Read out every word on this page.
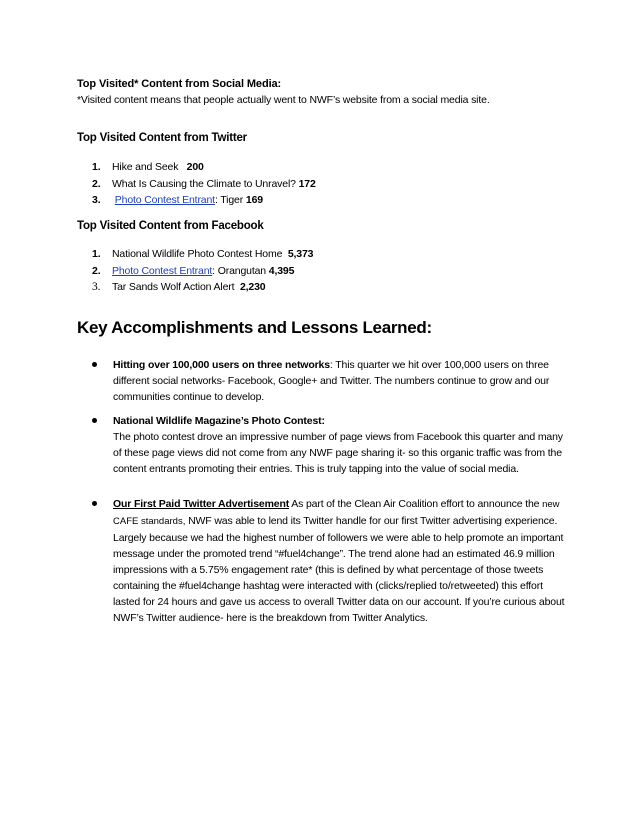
Top Visited* Content from Social Media:
*Visited content means that people actually went to NWF’s website from a social media site.
Top Visited Content from Twitter
1. Hike and Seek 200
2. What Is Causing the Climate to Unravel? 172
3. Photo Contest Entrant: Tiger 169
Top Visited Content from Facebook
1. National Wildlife Photo Contest Home 5,373
2. Photo Contest Entrant: Orangutan 4,395
3. Tar Sands Wolf Action Alert 2,230
Key Accomplishments and Lessons Learned:
Hitting over 100,000 users on three networks: This quarter we hit over 100,000 users on three different social networks- Facebook, Google+ and Twitter. The numbers continue to grow and our communities continue to develop.
National Wildlife Magazine’s Photo Contest:
The photo contest drove an impressive number of page views from Facebook this quarter and many of these page views did not come from any NWF page sharing it- so this organic traffic was from the content entrants promoting their entries. This is truly tapping into the value of social media.
Our First Paid Twitter Advertisement As part of the Clean Air Coalition effort to announce the new CAFE standards, NWF was able to lend its Twitter handle for our first Twitter advertising experience. Largely because we had the highest number of followers we were able to help promote an important message under the promoted trend “#fuel4change”. The trend alone had an estimated 46.9 million impressions with a 5.75% engagement rate* (this is defined by what percentage of those tweets containing the #fuel4change hashtag were interacted with (clicks/replied to/retweeted) this effort lasted for 24 hours and gave us access to overall Twitter data on our account. If you’re curious about NWF’s Twitter audience- here is the breakdown from Twitter Analytics.
